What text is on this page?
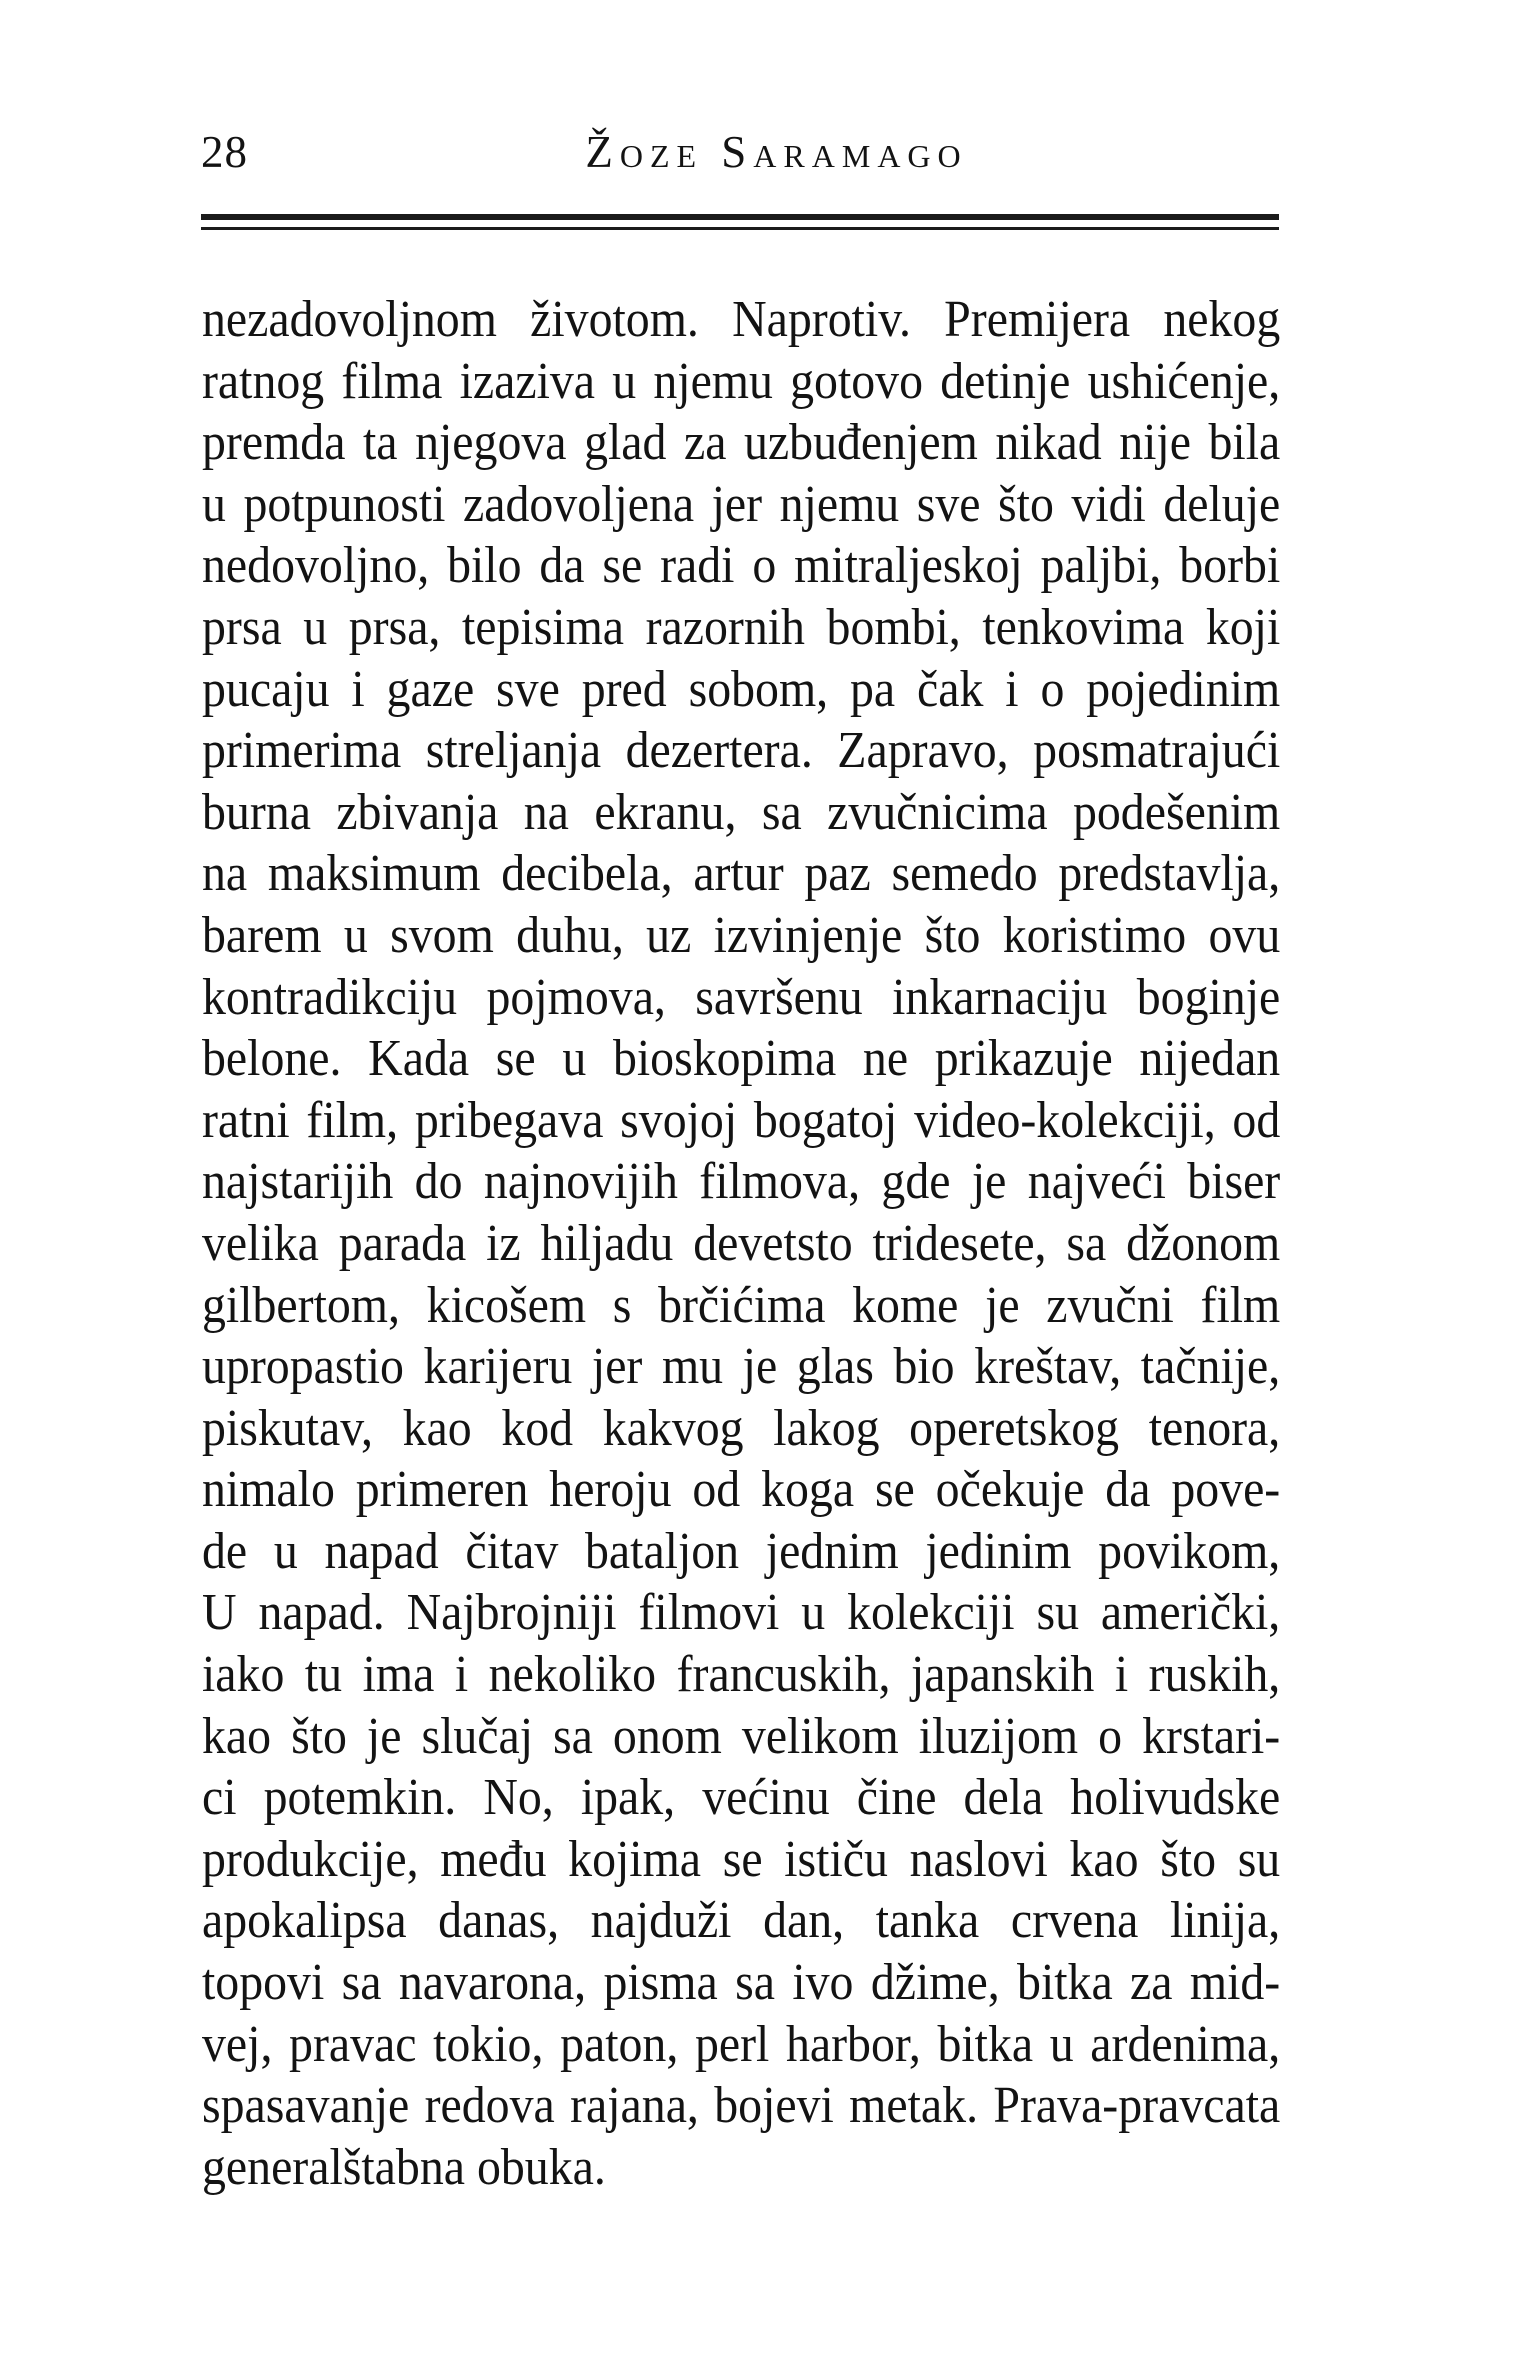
28	Žoze Saramago
nezadovoljnom životom. Naprotiv. Premijera nekog
ratnog filma izaziva u njemu gotovo detinje ushićenje,
premda ta njegova glad za uzbuđenjem nikad nije bila
u potpunosti zadovoljena jer njemu sve što vidi deluje
nedovoljno, bilo da se radi o mitraljeskoj paljbi, borbi
prsa u prsa, tepisima razornih bombi, tenkovima koji
pucaju i gaze sve pred sobom, pa čak i o pojedinim
primerima streljanja dezertera. Zapravo, posmatrajući
burna zbivanja na ekranu, sa zvučnicima podešenim
na maksimum decibela, artur paz semedo predstavlja,
barem u svom duhu, uz izvinjenje što koristimo ovu
kontradikciju pojmova, savršenu inkarnaciju boginje
belone. Kada se u bioskopima ne prikazuje nijedan
ratni film, pribegava svojoj bogatoj video-kolekciji, od
najstarijih do najnovijih filmova, gde je najveći biser
velika parada iz hiljadu devetsto tridesete, sa džonom
gilbertom, kicošem s brčićima kome je zvučni film
upropastio karijeru jer mu je glas bio kreštav, tačnije,
piskutav, kao kod kakvog lakog operetskog tenora,
nimalo primeren heroju od koga se očekuje da pove-
de u napad čitav bataljon jednim jedinim povikom,
U napad. Najbrojniji filmovi u kolekciji su američki,
iako tu ima i nekoliko francuskih, japanskih i ruskih,
kao što je slučaj sa onom velikom iluzijom o krstari-
ci potemkin. No, ipak, većinu čine dela holivudske
produkcije, među kojima se ističu naslovi kao što su
apokalipsa danas, najduži dan, tanka crvena linija,
topovi sa navarona, pisma sa ivo džime, bitka za mid-
vej, pravac tokio, paton, perl harbor, bitka u ardenima,
spasavanje redova rajana, bojevi metak. Prava-pravcata
generalštabna obuka.
